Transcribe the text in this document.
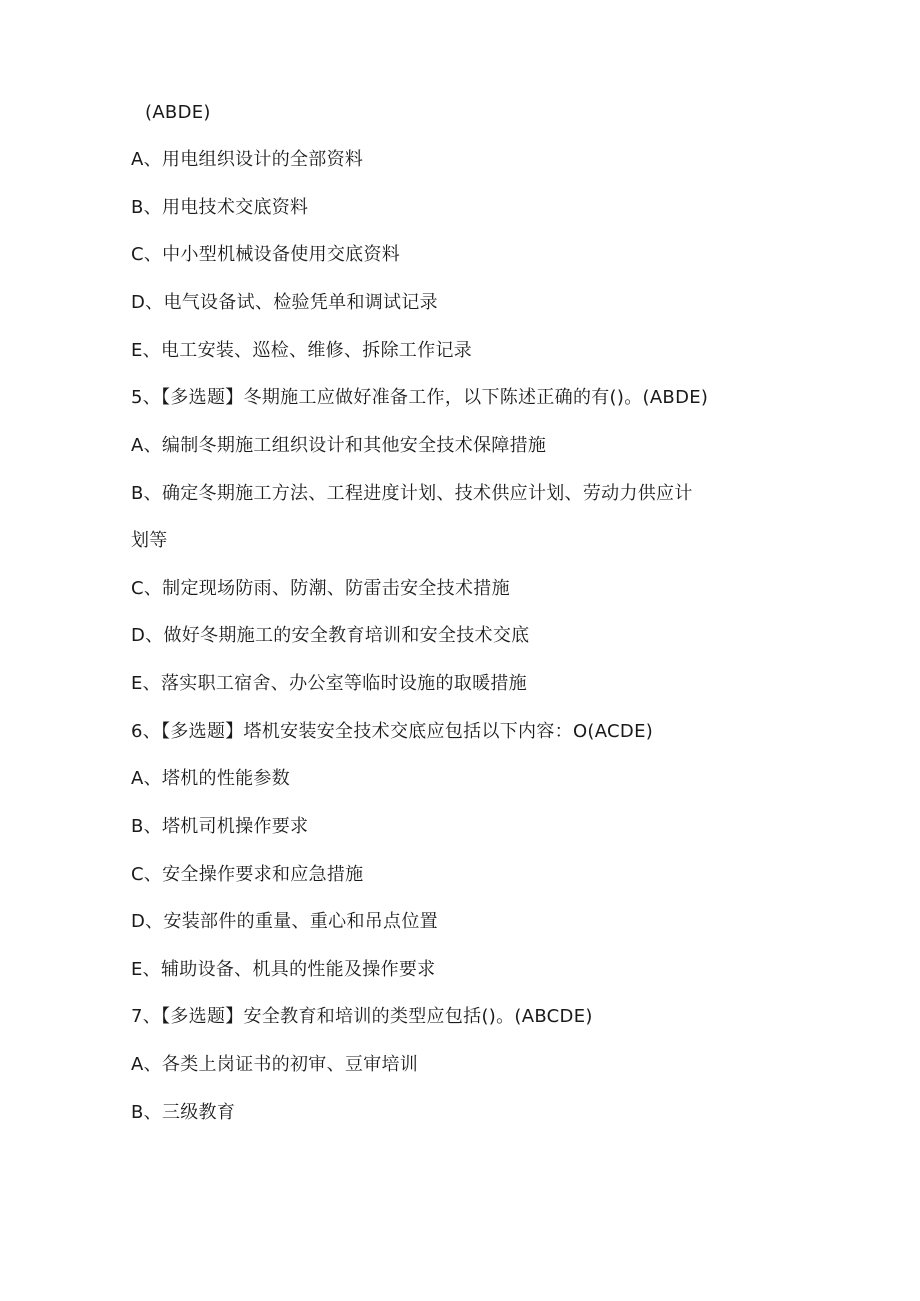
(ABDE)
A、用电组织设计的全部资料
B、用电技术交底资料
C、中小型机械设备使用交底资料
D、电气设备试、检验凭单和调试记录
E、电工安装、巡检、维修、拆除工作记录
5、【多选题】冬期施工应做好准备工作，以下陈述正确的有()。(ABDE)
A、编制冬期施工组织设计和其他安全技术保障措施
B、确定冬期施工方法、工程进度计划、技术供应计划、劳动力供应计
划等
C、制定现场防雨、防潮、防雷击安全技术措施
D、做好冬期施工的安全教育培训和安全技术交底
E、落实职工宿舍、办公室等临时设施的取暖措施
6、【多选题】塔机安装安全技术交底应包括以下内容：O(ACDE)
A、塔机的性能参数
B、塔机司机操作要求
C、安全操作要求和应急措施
D、安装部件的重量、重心和吊点位置
E、辅助设备、机具的性能及操作要求
7、【多选题】安全教育和培训的类型应包括()。(ABCDE)
A、各类上岗证书的初审、豆审培训
B、三级教育
